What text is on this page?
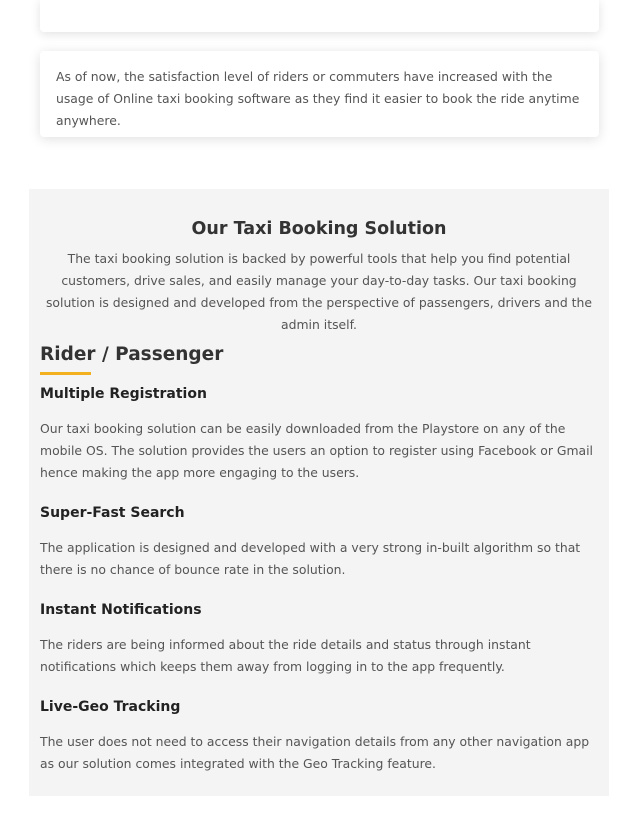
As of now, the satisfaction level of riders or commuters have increased with the usage of Online taxi booking software as they find it easier to book the ride anytime anywhere.

Our Taxi Booking Solution

The taxi booking solution is backed by powerful tools that help you find potential customers, drive sales, and easily manage your day-to-day tasks. Our taxi booking solution is designed and developed from the perspective of passengers, drivers and the admin itself.

Rider / Passenger
Multiple Registration

Our taxi booking solution can be easily downloaded from the Playstore on any of the mobile OS. The solution provides the users an option to register using Facebook or Gmail hence making the app more engaging to the users.

Super-Fast Search

The application is designed and developed with a very strong in-built algorithm so that there is no chance of bounce rate in the solution.

Instant Notifications

The riders are being informed about the ride details and status through instant notifications which keeps them away from logging in to the app frequently.

Live-Geo Tracking

The user does not need to access their navigation details from any other navigation app as our solution comes integrated with the Geo Tracking feature.
